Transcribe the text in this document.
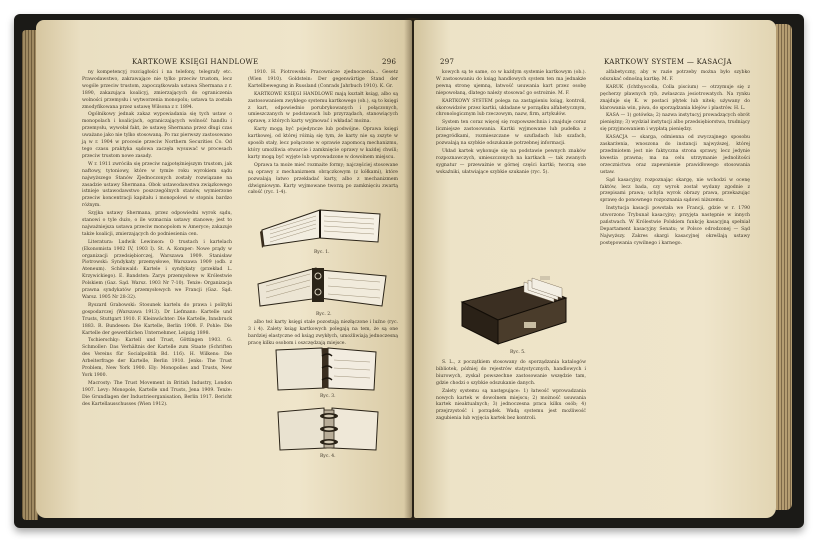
KARTKOWE KSIĘGI HANDLOWE	296

ny kompetencyj rozciągłości i na telefony, telegrafy etc. Prawodawstwo, zakrawające nie tylko przeciw trustom, lecz wogóle przeciw trustom, zapoczątkowała ustawa Shermana z r. 1890, zakazująca koalicyj, zmierzających do ograniczenia wolności przemysłu i wytworzenia monopolu; ustawa ta została zmodyfikowana przez ustawę Wilsona z r. 1894.

Ogólnikowy jednak zakaz wypowiadania się tych ustaw o monopolach i koalicjach, ograniczających wolność handlu i przemysłu, wywołał fakt, że ustawę Shermana przez długi czas uważano jako nie tylko stosowaną. Po raz pierwszy zastosowano ją w r. 1904 w procesie przeciw Northern Securities Co. Od tego czasu praktyka sądowa zaczęła wysuwać w procesach przeciw trustom nowe zasady.

W r. 1911 zwróciła się przeciw najpotężniejszym trustom, jak naftowy, tytoniowy, które w tymże roku wyrokiem sądu najwyższego Stanów Zjednoczonych zostały rozwiązane na zasadzie ustawy Shermana. Obok ustawodawstwa związkowego istnieje ustawodawstwo poszczególnych stanów, wymierzone przeciw koncentracji kapitału i monopolowi w stopniu bardzo różnym.

Szyjka ustawy Shermana, przez odpowiedni wyrok sądu, stanowi o tyle dużo, o ile wzmacnia ustawy stanowe; jest to najważniejsza ustawa przeciw monopolom w Ameryce; zakazuje także koalicji, zmierzających do podniesienia cen.

Literatura: Ludwik Lewinson: O trustach i kartelach (Ekonomista 1902 IV, 1903 I). St. A. Komper: Nowe prądy w organizacji przedsiębiorczej, Warszawa 1909. Stanisław Piotrowski: Syndykaty przemysłowe, Warszawa 1909 (odb. z Ateneum). Schönwald: Kartele i syndykaty (przekład L. Krzywickiego). E. Bandsten: Zarys przemysłowe w Królestwie Polskiem (Gaz. Sąd. Warsz. 1903 Nr 7-10). Tenże: Organizacja prawna syndykatów przemysłowych we Francji (Gaz. Sąd. Warsz. 1905 Nr 28-32).

Ryszard Grabowski: Stosunek kartelu do prawa i polityki gospodarczej (Warszawa 1913). Dr Liefmann: Kartelle und Trusts, Stuttgart 1910. F. Kleinwächter: Die Kartelle, Innsbruck 1883. R. Bundesen: Die Kartelle, Berlin 1908. F. Pohle: Die Kartelle der gewerblichen Unternehmer, Leipzig 1898.

Tschierschky: Kartell und Trust, Göttingen 1903. G. Schmoller: Das Verhältnis der Kartelle zum Staate (Schriften des Vereins für Socialpolitik Bd. 116). H. Wilkens: Die Arbeiterfrage der Kartelle, Berlin 1910. Jenks: The Trust Problem, New York 1900. Ely: Monopolies and Trusts, New York 1900.

Macrosty: The Trust Movement in British Industry, London 1907. Levy: Monopole, Kartelle und Trusts, Jena 1909. Tenże: Die Grundlagen der Industrieorganisation, Berlin 1917. Bericht des Kartellausschusses (Wien 1912).

1910. H. Piotrowski: Pracownicze zjednoczenia... Gesetz (Wien 1910). Goldstein: Der gegenwärtige Stand der Kartellbewegung in Russland (Conrads Jahrbuch 1910). K. Gr.

KARTKOWE KSIĘGI HANDLOWE mają kształt ksiąg, albo są zastosowaniem zwykłego systemu kartkowego (ob.), są to księgi z kart, odpowiednio porubrykowanych i połączonych, umieszczanych w podstawach lub przyrządach, stanowiących oprawę, z których karty wyjmować i wkładać można.

Karty mogą być pojedyncze lub podwójne. Oprawa księgi kartkowej, od której różnią się tym, że karty nie są zszyte w sposób stały, lecz połączone w oprawie zapomocą mechanizmu, który umożliwia otwarcie i zamknięcie oprawy w każdej chwili; karty mogą być wyjęte lub wprowadzone w dowolnem miejscu.

Oprawa ta może mieć rozmaite formy; najczęściej stosowane są oprawy z mechanizmem obrączkowym (z kółkami), które pozwalają łatwo przekładać karty, albo z mechanizmem dźwigniowym. Karty wyjmowane tworzą po zamknięciu zwartą całość (ryc. 1-4).

Ryc. 1.
Ryc. 2.

albo też karty księgi stale pozostają niezłączone i luźno (ryc. 3 i 4). Zalety ksiąg kartkowych polegają na tem, że są one bardziej elastyczne od ksiąg zwykłych, umożliwiają jednoczesną pracę kilku osobom i oszczędzają miejsce.

Ryc. 3.
Ryc. 4.
297	KARTKOWY SYSTEM — KASACJA

kowych są te same, co w każdym systemie kartkowym (ob.). W zastosowaniu do ksiąg handlowych system ten ma jednakże pewną stronę ujemną, łatwość usuwania kart przez osobę niepowołaną, dlatego należy stosować go ostrożnie. M. F.

KARTKOWY SYSTEM polega na zastąpieniu ksiąg, kontroli, skorowidzów przez kartki, układane w porządku alfabetycznym, chronologicznym lub rzeczowym, nazw, firm, artykułów.

System ten coraz więcej się rozpowszechnia i znajduje coraz liczniejsze zastosowania. Kartki wyjmowane lub pudełka z przegródkami, rozmieszczane w szufladach lub szafach, pozwalają na szybkie odszukanie potrzebnej informacji.

Układ kartek wykonuje się na podstawie pewnych znaków rozpoznawczych, umieszczonych na kartkach — tak zwanych sygnatur — przeważnie w górnej części kartki; tworzą one wskaźniki, ułatwiające szybkie szukanie (ryc. 5).

Ryc. 5.

S. L., z początkiem stosowany do sporządzania katalogów bibliotek, później do rejestrów statystycznych, handlowych i biurowych, zyskał powszechne zastosowanie wszędzie tam, gdzie chodzi o szybkie odszukanie danych.

Zalety systemu są następujące: 1) łatwość wprowadzania nowych kartek w dowolnem miejscu; 2) możność usuwania kartek nieaktualnych; 3) jednoczesna praca kilku osób; 4) przejrzystość i porządek. Wadą systemu jest możliwość zagubienia lub wyjęcia kartek bez kontroli.

alfabetyczny, aby w razie potrzeby można było szybko odszukać odnośną kartkę. M. F.

KARUK (Ichthyocolla, Colla piscium) — otrzymuje się z pęcherzy pławnych ryb, zwłaszcza jesiotrowatych. Na rynku znajduje się K. w postaci płytek lub nitek; używany do klarowania win, piwa, do sporządzania klejów i plastrów. H. L.

KASA — 1) gotówka; 2) nazwa instytucyj prowadzących obrót pieniężny; 3) wydział instytucji albo przedsiębiorstwa, trudniący się przyjmowaniem i wypłatą pieniędzy.

KASACJA — skarga, odmienna od zwyczajnego sposobu zaskarżenia, wnoszona do instancji najwyższej, której przedmiotem jest nie faktyczna strona sprawy, lecz jedynie kwestia prawna; ma na celu utrzymanie jednolitości orzecznictwa oraz zapewnienie prawidłowego stosowania ustaw.

Sąd kasacyjny, rozpoznając skargę, nie wchodzi w ocenę faktów, lecz bada, czy wyrok został wydany zgodnie z przepisami prawa; uchyla wyrok obrazy prawa, przekazując sprawę do ponownego rozpoznania sądowi niższemu.

Instytucja kasacji powstała we Francji, gdzie w r. 1790 utworzono Trybunał kasacyjny; przyjęta następnie w innych państwach. W Królestwie Polskiem funkcję kasacyjną spełniał Departament kasacyjny Senatu; w Polsce odrodzonej — Sąd Najwyższy. Zakres skargi kasacyjnej określają ustawy postępowania cywilnego i karnego.
